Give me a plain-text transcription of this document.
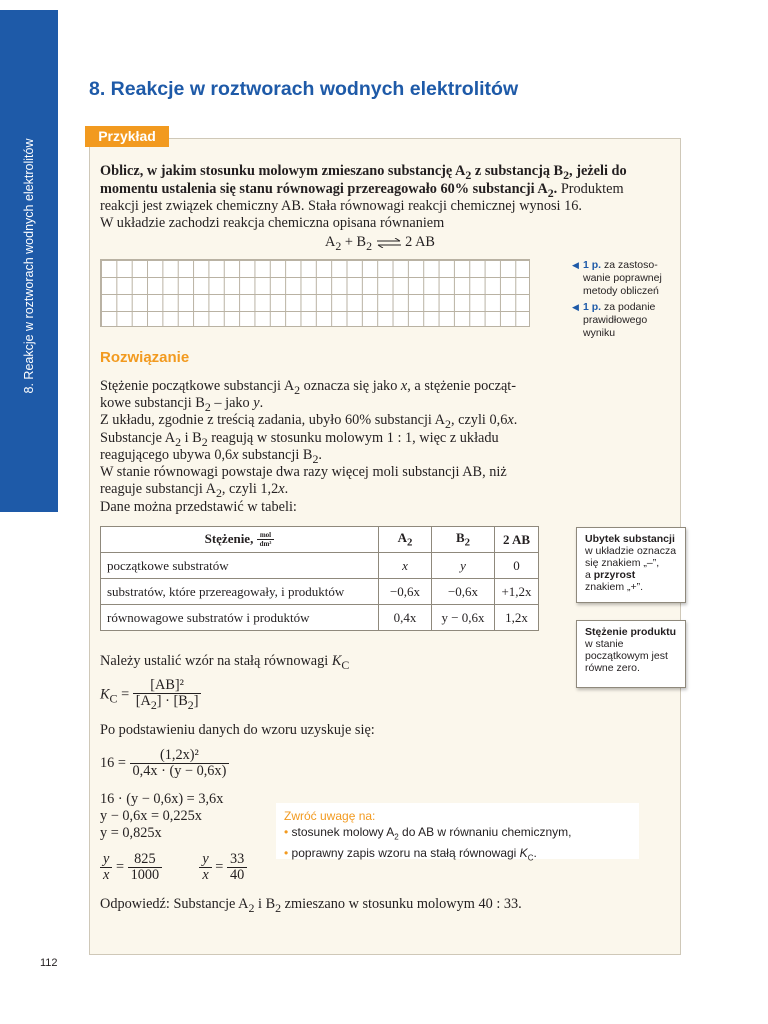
8. Reakcje w roztworach wodnych elektrolitów
8. Reakcje w roztworach wodnych elektrolitów
Przykład

Oblicz, w jakim stosunku molowym zmieszano substancję $A_2$ z substancją $B_2$, jeżeli do

momentu ustalenia się stanu równowagi przereagowało 60% substancji $A_2$. Produktem

reakcji jest związek chemiczny AB. Stała równowagi reakcji chemicznej wynosi 16.

W układzie zachodzi reakcja chemiczna opisana równaniem

$A_2 + B_2$ ⇌ 2 AB
◀ 1 p. za zastoso-
wanie poprawnej
metody obliczeń
◀ 1 p. za podanie
prawidłowego
wyniku
Rozwiązanie

Stężenie początkowe substancji $A_2$ oznacza się jako x, a stężenie począt-

kowe substancji $B_2$ – jako y.

Z układu, zgodnie z treścią zadania, ubyło 60% substancji $A_2$, czyli 0,6x.

Substancje $A_2$ i $B_2$ reagują w stosunku molowym 1 : 1, więc z układu

reagującego ubywa 0,6x substancji $B_2$.

W stanie równowagi powstaje dwa razy więcej moli substancji AB, niż

reaguje substancji $A_2$, czyli 1,2x.

Dane można przedstawić w tabeli:

Stężenie, $\frac{\text{mol}}{\text{dm³}}$	$A_2$	$B_2$	2 AB
początkowe substratów	x	y	0
substratów, które przereagowały, i produktów	−0,6x	−0,6x	+1,2x
równowagowe substratów i produktów	0,4x	y − 0,6x	1,2x
Ubytek substancji
w układzie oznacza
się znakiem „–”,
a przyrost
znakiem „+”.
Stężenie produktu
w stanie
początkowym jest
równe zero.

Należy ustalić wzór na stałą równowagi $K_C$

$K_C = \frac{\text{[AB]²}}{[A_2] \cdot [B_2]}$

Po podstawieniu danych do wzoru uzyskuje się:

$16 = \frac{\text{(1,2x)²}}{0,4x \cdot (y - 0,6x)}$

16 · (y − 0,6x) = 3,6x

y − 0,6x = 0,225x

y = 0,825x

$\frac{y}{x} = \frac{825}{1000}$
	$\frac{y}{x} = \frac{33}{40}$
Zwróć uwagę na:
• stosunek molowy $A_2$ do AB w równaniu chemicznym,
• poprawny zapis wzoru na stałą równowagi $K_C$.

Odpowiedź: Substancje $A_2$ i $B_2$ zmieszano w stosunku molowym 40 : 33.

112
